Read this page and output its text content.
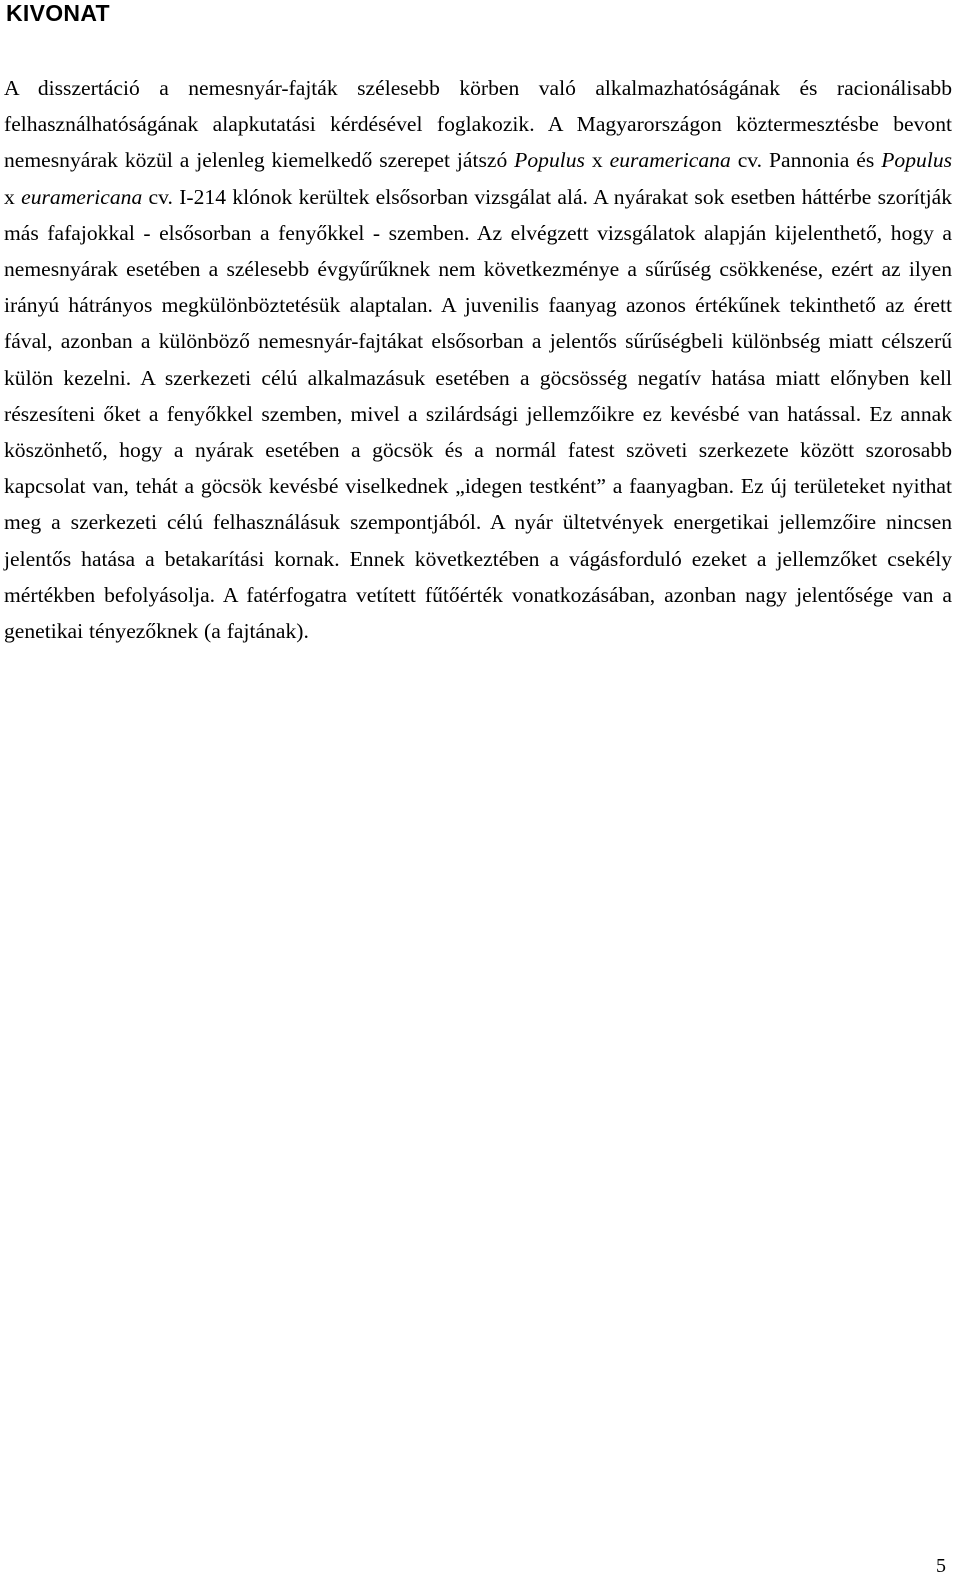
KIVONAT

A disszertáció a nemesnyár-fajták szélesebb körben való alkalmazhatóságának és racionálisabb felhasználhatóságának alapkutatási kérdésével foglakozik. A Magyarországon köztermesztésbe bevont nemesnyárak közül a jelenleg kiemelkedő szerepet játszó Populus x euramericana cv. Pannonia és Populus x euramericana cv. I-214 klónok kerültek elsősorban vizsgálat alá. A nyárakat sok esetben háttérbe szorítják más fafajokkal - elsősorban a fenyőkkel - szemben. Az elvégzett vizsgálatok alapján kijelenthető, hogy a nemesnyárak esetében a szélesebb évgyűrűknek nem következménye a sűrűség csökkenése, ezért az ilyen irányú hátrányos megkülönböztetésük alaptalan. A juvenilis faanyag azonos értékűnek tekinthető az érett fával, azonban a különböző nemesnyár-fajtákat elsősorban a jelentős sűrűségbeli különbség miatt célszerű külön kezelni. A szerkezeti célú alkalmazásuk esetében a göcsösség negatív hatása miatt előnyben kell részesíteni őket a fenyőkkel szemben, mivel a szilárdsági jellemzőikre ez kevésbé van hatással. Ez annak köszönhető, hogy a nyárak esetében a göcsök és a normál fatest szöveti szerkezete között szorosabb kapcsolat van, tehát a göcsök kevésbé viselkednek „idegen testként” a faanyagban. Ez új területeket nyithat meg a szerkezeti célú felhasználásuk szempontjából. A nyár ültetvények energetikai jellemzőire nincsen jelentős hatása a betakarítási kornak. Ennek következtében a vágásforduló ezeket a jellemzőket csekély mértékben befolyásolja. A fatérfogatra vetített fűtőérték vonatkozásában, azonban nagy jelentősége van a genetikai tényezőknek (a fajtának).

5
